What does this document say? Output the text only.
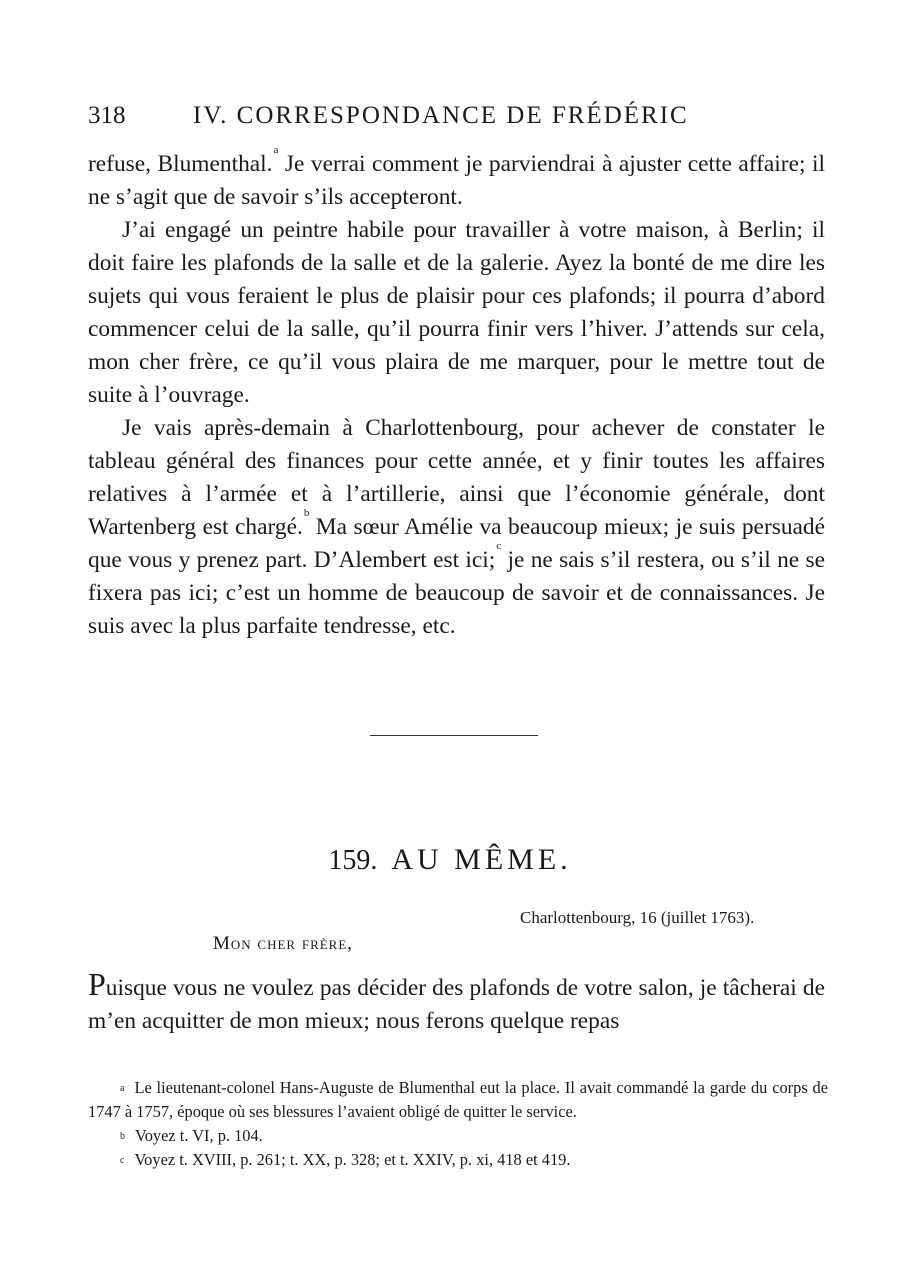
318	IV. CORRESPONDANCE DE FRÉDÉRIC

refuse, Blumenthal.$^a$ Je verrai comment je parviendrai à ajuster cette affaire; il ne s’agit que de savoir s’ils accepteront.

J’ai engagé un peintre habile pour travailler à votre maison, à Berlin; il doit faire les plafonds de la salle et de la galerie. Ayez la bonté de me dire les sujets qui vous feraient le plus de plaisir pour ces plafonds; il pourra d’abord commencer celui de la salle, qu’il pourra finir vers l’hiver. J’attends sur cela, mon cher frère, ce qu’il vous plaira de me marquer, pour le mettre tout de suite à l’ouvrage.

Je vais après-demain à Charlottenbourg, pour achever de constater le tableau général des finances pour cette année, et y finir toutes les affaires relatives à l’armée et à l’artillerie, ainsi que l’économie générale, dont Wartenberg est chargé.$^b$ Ma sœur Amélie va beaucoup mieux; je suis persuadé que vous y prenez part. D’Alembert est ici;$^c$ je ne sais s’il restera, ou s’il ne se fixera pas ici; c’est un homme de beaucoup de savoir et de connaissances. Je suis avec la plus parfaite tendresse, etc.

159. AU MÊME.
Charlottenbourg, 16 (juillet 1763).
Mon cher frère,
Puisque vous ne voulez pas décider des plafonds de votre salon, je tâcherai de m’en acquitter de mon mieux; nous ferons quelque repas

$^a$ Le lieutenant-colonel Hans-Auguste de Blumenthal eut la place. Il avait commandé la garde du corps de 1747 à 1757, époque où ses blessures l’avaient obligé de quitter le service.

$^b$ Voyez t. VI, p. 104.

$^c$ Voyez t. XVIII, p. 261; t. XX, p. 328; et t. XXIV, p. xi, 418 et 419.
